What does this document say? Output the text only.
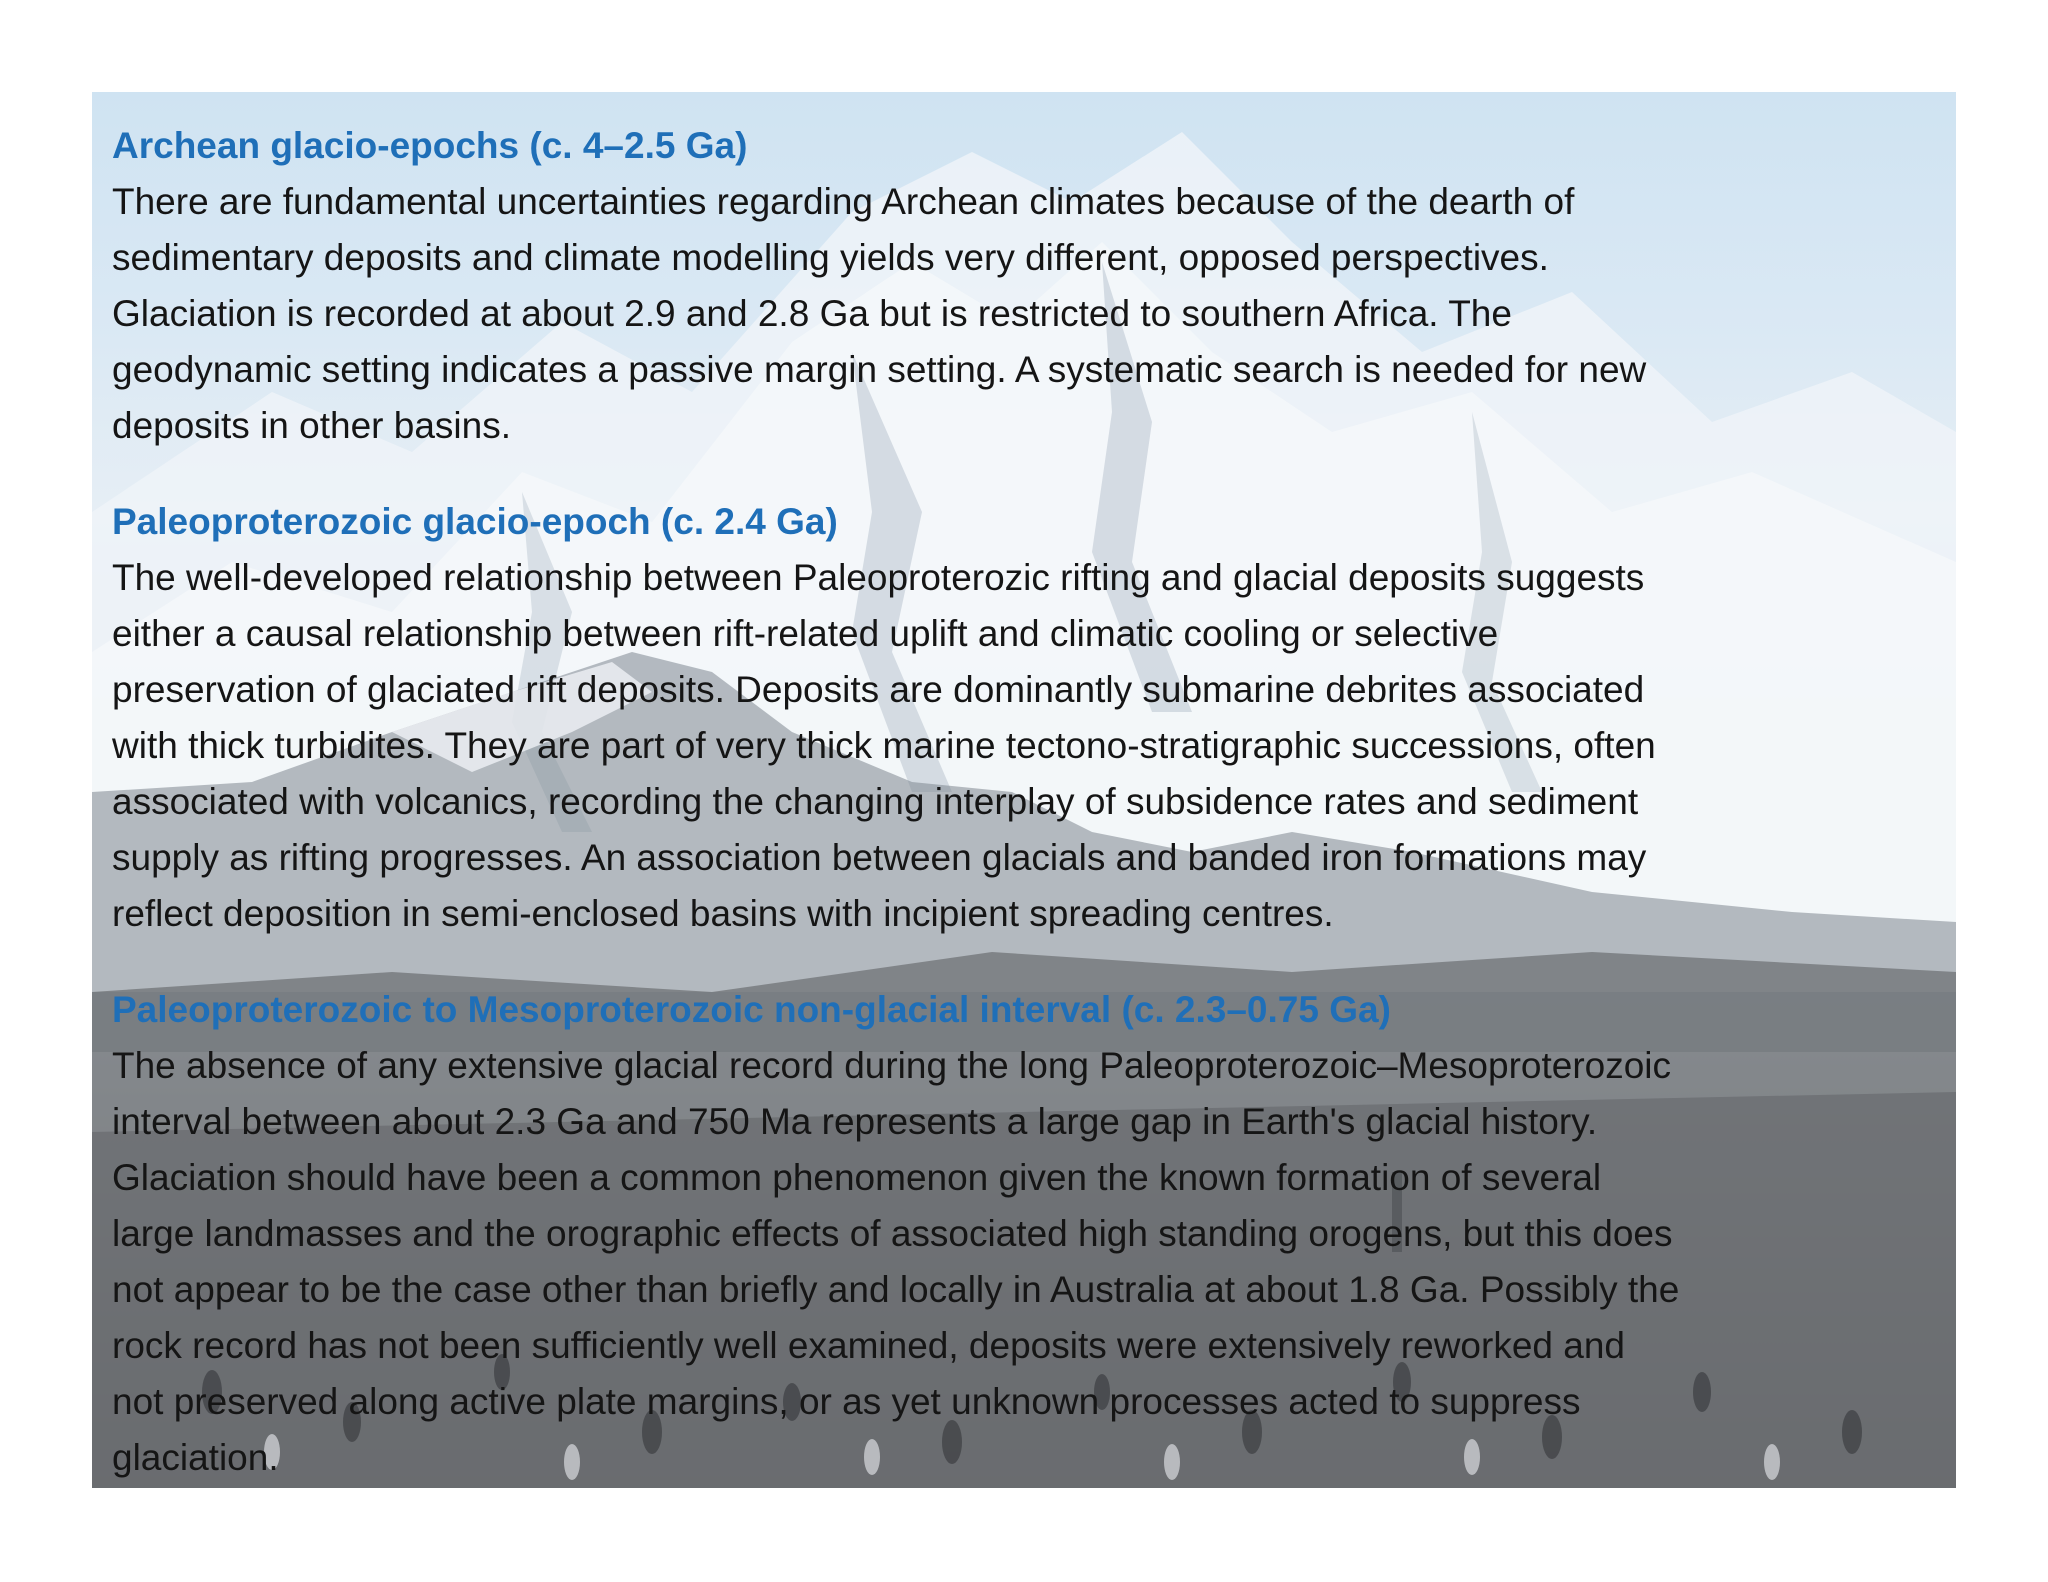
Archean glacio-epochs (c. 4–2.5 Ga)
There are fundamental uncertainties regarding Archean climates because of the dearth of
sedimentary deposits and climate modelling yields very different, opposed perspectives.
Glaciation is recorded at about 2.9 and 2.8 Ga but is restricted to southern Africa. The
geodynamic setting indicates a passive margin setting. A systematic search is needed for new
deposits in other basins.
Paleoproterozoic glacio-epoch (c. 2.4 Ga)
The well-developed relationship between Paleoproterozic rifting and glacial deposits suggests
either a causal relationship between rift-related uplift and climatic cooling or selective
preservation of glaciated rift deposits. Deposits are dominantly submarine debrites associated
with thick turbidites. They are part of very thick marine tectono-stratigraphic successions, often
associated with volcanics, recording the changing interplay of subsidence rates and sediment
supply as rifting progresses. An association between glacials and banded iron formations may
reflect deposition in semi-enclosed basins with incipient spreading centres.
Paleoproterozoic to Mesoproterozoic non-glacial interval (c. 2.3–0.75 Ga)
The absence of any extensive glacial record during the long Paleoproterozoic–Mesoproterozoic
interval between about 2.3 Ga and 750 Ma represents a large gap in Earth's glacial history.
Glaciation should have been a common phenomenon given the known formation of several
large landmasses and the orographic effects of associated high standing orogens, but this does
not appear to be the case other than briefly and locally in Australia at about 1.8 Ga. Possibly the
rock record has not been sufficiently well examined, deposits were extensively reworked and
not preserved along active plate margins, or as yet unknown processes acted to suppress
glaciation.
